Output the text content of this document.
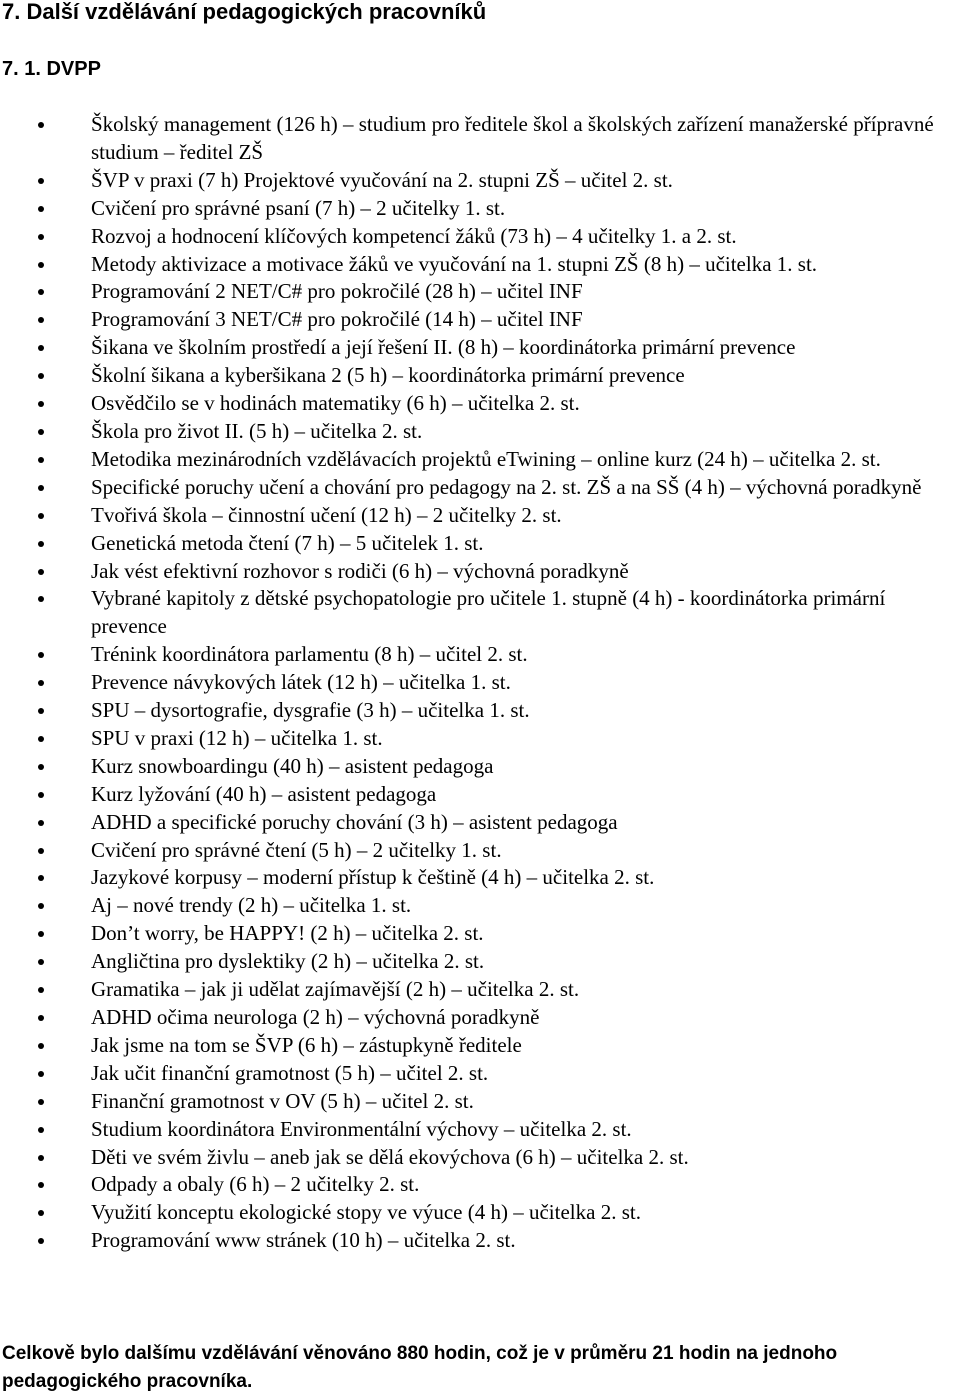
7. Další vzdělávání pedagogických pracovníků
7. 1. DVPP
Školský management (126 h) – studium pro ředitele škol a školských zařízení manažerské přípravné studium – ředitel ZŠ
ŠVP v praxi (7 h) Projektové vyučování na 2. stupni ZŠ – učitel 2. st.
Cvičení pro správné psaní (7 h) – 2 učitelky 1. st.
Rozvoj a hodnocení klíčových kompetencí žáků (73 h) – 4 učitelky 1. a 2. st.
Metody aktivizace a motivace žáků ve vyučování na 1. stupni ZŠ (8 h) – učitelka 1. st.
Programování 2 NET/C# pro pokročilé (28 h) – učitel INF
Programování 3 NET/C# pro pokročilé (14 h) – učitel INF
Šikana ve školním prostředí a její řešení II. (8 h) – koordinátorka primární prevence
Školní šikana a kyberšikana 2 (5 h) – koordinátorka primární prevence
Osvědčilo se v hodinách matematiky (6 h) – učitelka 2. st.
Škola pro život II. (5 h) – učitelka 2. st.
Metodika mezinárodních vzdělávacích projektů eTwining – online kurz (24 h) – učitelka 2. st.
Specifické poruchy učení a chování pro pedagogy na 2. st. ZŠ a na SŠ (4 h) – výchovná poradkyně
Tvořivá škola – činnostní učení (12 h) – 2 učitelky 2. st.
Genetická metoda čtení (7 h) – 5 učitelek 1. st.
Jak vést efektivní rozhovor s rodiči (6 h) – výchovná poradkyně
Vybrané kapitoly z dětské psychopatologie pro učitele 1. stupně (4 h) - koordinátorka primární prevence
Trénink koordinátora parlamentu (8 h) – učitel 2. st.
Prevence návykových látek (12 h) – učitelka 1. st.
SPU – dysortografie, dysgrafie (3 h) – učitelka 1. st.
SPU v praxi (12 h) – učitelka 1. st.
Kurz snowboardingu (40 h) – asistent pedagoga
Kurz lyžování (40 h) – asistent pedagoga
ADHD a specifické poruchy chování (3 h) – asistent pedagoga
Cvičení pro správné čtení (5 h) – 2 učitelky 1. st.
Jazykové korpusy – moderní přístup k češtině (4 h) – učitelka 2. st.
Aj – nové trendy (2 h) – učitelka 1. st.
Don’t worry, be HAPPY! (2 h) – učitelka 2. st.
Angličtina pro dyslektiky (2 h) – učitelka 2. st.
Gramatika – jak ji udělat zajímavější (2 h) – učitelka 2. st.
ADHD očima neurologa (2 h) – výchovná poradkyně
Jak jsme na tom se ŠVP (6 h) – zástupkyně ředitele
Jak učit finanční gramotnost (5 h) – učitel 2. st.
Finanční gramotnost v OV (5 h) – učitel 2. st.
Studium koordinátora Environmentální výchovy – učitelka 2. st.
Děti ve svém živlu – aneb jak se dělá ekovýchova (6 h) – učitelka 2. st.
Odpady a obaly (6 h) – 2 učitelky 2. st.
Využití konceptu ekologické stopy ve výuce (4 h) – učitelka 2. st.
Programování www stránek (10 h) – učitelka 2. st.
Celkově bylo dalšímu vzdělávání věnováno 880 hodin, což je v průměru 21 hodin na jednoho pedagogického pracovníka.
